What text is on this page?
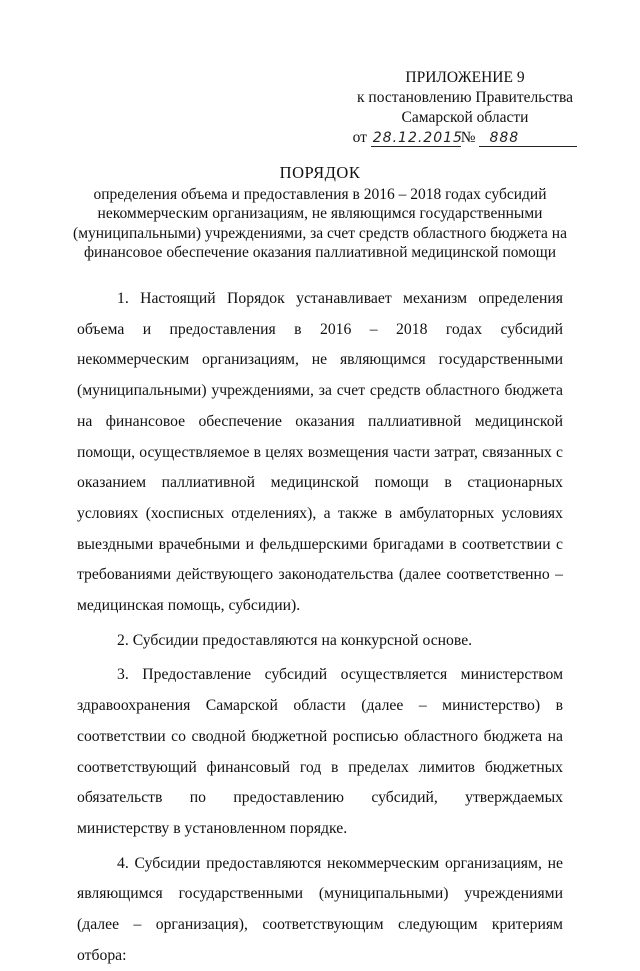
ПРИЛОЖЕНИЕ 9
к постановлению Правительства
Самарской области
от 28.12.2015№ 888
ПОРЯДОК
определения объема и предоставления в 2016 – 2018 годах субсидий некоммерческим организациям, не являющимся государственными (муниципальными) учреждениями, за счет средств областного бюджета на финансовое обеспечение оказания паллиативной медицинской помощи

1. Настоящий Порядок устанавливает механизм определения объема и предоставления в 2016 – 2018 годах субсидий некоммерческим организациям, не являющимся государственными (муниципальными) учреждениями, за счет средств областного бюджета на финансовое обеспечение оказания паллиативной медицинской помощи, осуществляемое в целях возмещения части затрат, связанных с оказанием паллиативной медицинской помощи в стационарных условиях (хосписных отделениях), а также в амбулаторных условиях выездными врачебными и фельдшерскими бригадами в соответствии с требованиями действующего законодательства (далее соответственно – медицинская помощь, субсидии).

2. Субсидии предоставляются на конкурсной основе.

3. Предоставление субсидий осуществляется министерством здравоохранения Самарской области (далее – министерство) в соответствии со сводной бюджетной росписью областного бюджета на соответствующий финансовый год в пределах лимитов бюджетных обязательств по предоставлению субсидий, утверждаемых министерству в установленном порядке.

4. Субсидии предоставляются некоммерческим организациям, не являющимся государственными (муниципальными) учреждениями (далее – организация), соответствующим следующим критериям отбора:
